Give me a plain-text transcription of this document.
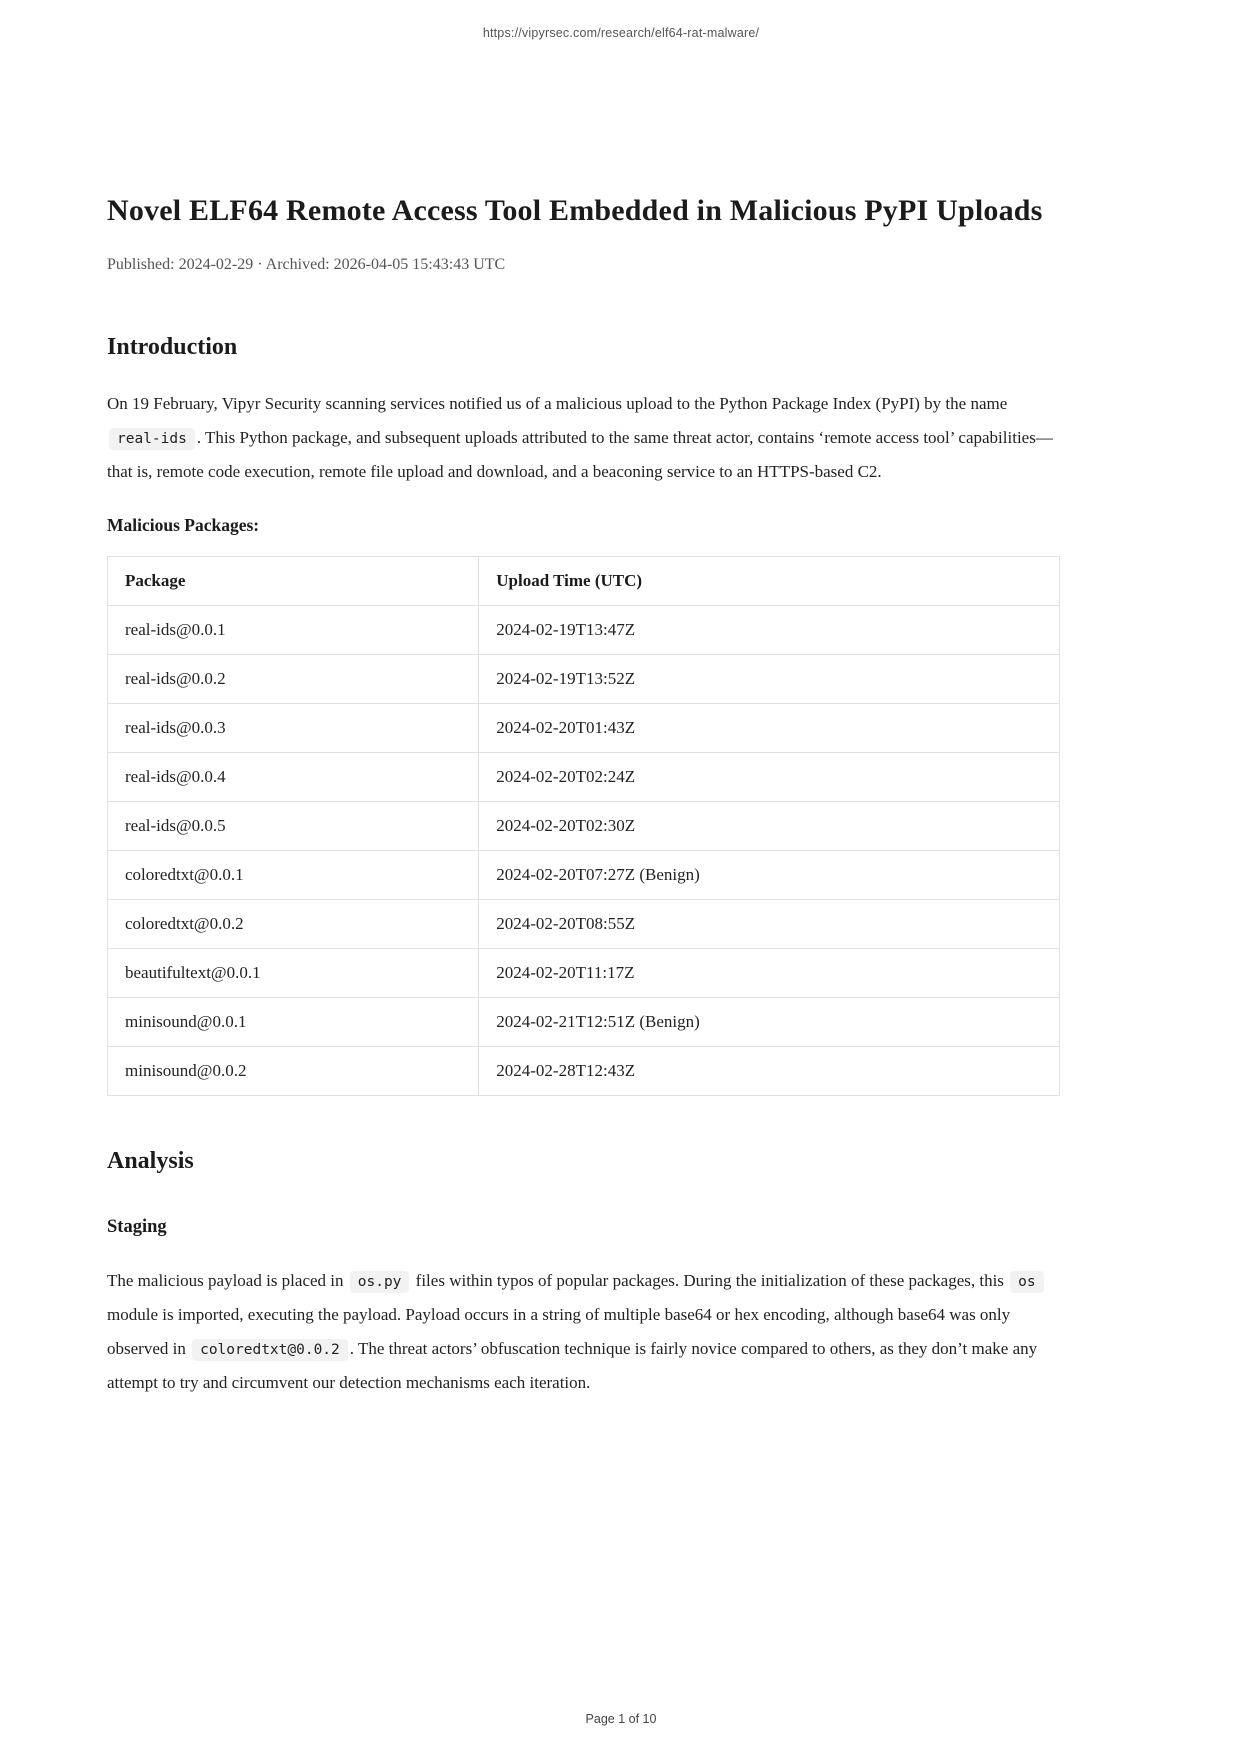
https://vipyrsec.com/research/elf64-rat-malware/
Novel ELF64 Remote Access Tool Embedded in Malicious PyPI Uploads
Published: 2024-02-29 · Archived: 2026-04-05 15:43:43 UTC
Introduction

On 19 February, Vipyr Security scanning services notified us of a malicious upload to the Python Package Index (PyPI) by the name real-ids . This Python package, and subsequent uploads attributed to the same threat actor, contains ‘remote access tool’ capabilities— that is, remote code execution, remote file upload and download, and a beaconing service to an HTTPS-based C2.

Malicious Packages:

Package	Upload Time (UTC)
real-ids@0.0.1	2024-02-19T13:47Z
real-ids@0.0.2	2024-02-19T13:52Z
real-ids@0.0.3	2024-02-20T01:43Z
real-ids@0.0.4	2024-02-20T02:24Z
real-ids@0.0.5	2024-02-20T02:30Z
coloredtxt@0.0.1	2024-02-20T07:27Z (Benign)
coloredtxt@0.0.2	2024-02-20T08:55Z
beautifultext@0.0.1	2024-02-20T11:17Z
minisound@0.0.1	2024-02-21T12:51Z (Benign)
minisound@0.0.2	2024-02-28T12:43Z
Analysis
Staging

The malicious payload is placed in os.py files within typos of popular packages. During the initialization of these packages, this os module is imported, executing the payload. Payload occurs in a string of multiple base64 or hex encoding, although base64 was only observed in coloredtxt@0.0.2 . The threat actors’ obfuscation technique is fairly novice compared to others, as they don’t make any attempt to try and circumvent our detection mechanisms each iteration.

Page 1 of 10
